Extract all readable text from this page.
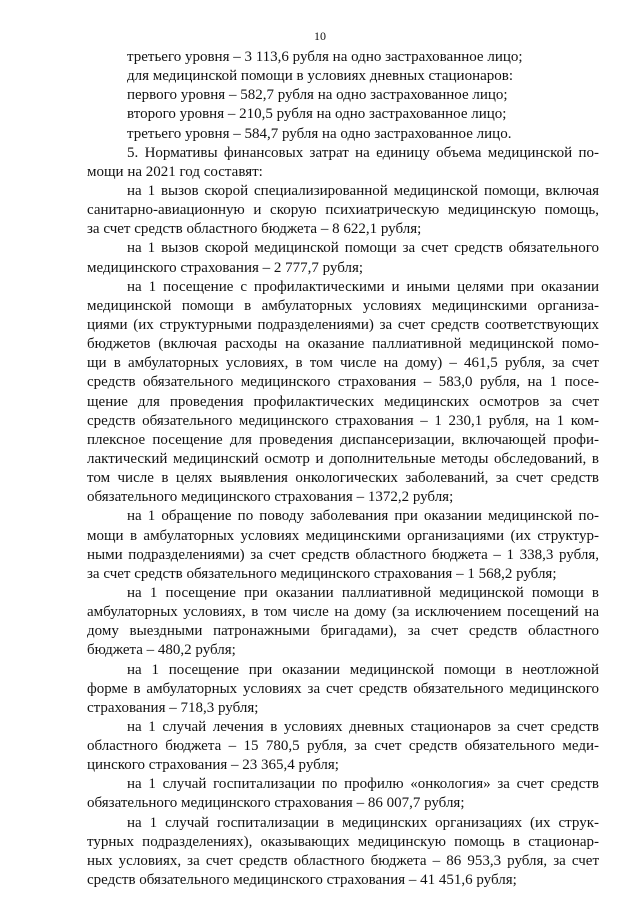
10
третьего уровня – 3 113,6 рубля на одно застрахованное лицо;
для медицинской помощи в условиях дневных стационаров:
первого уровня – 582,7 рубля на одно застрахованное лицо;
второго уровня – 210,5 рубля на одно застрахованное лицо;
третьего уровня – 584,7 рубля на одно застрахованное лицо.
5. Нормативы финансовых затрат на единицу объема медицинской по-
мощи на 2021 год составят:
на 1 вызов скорой специализированной медицинской помощи, включая
санитарно-авиационную и скорую психиатрическую медицинскую помощь,
за счет средств областного бюджета – 8 622,1 рубля;
на 1 вызов скорой медицинской помощи за счет средств обязательного
медицинского страхования – 2 777,7 рубля;
на 1 посещение с профилактическими и иными целями при оказании
медицинской помощи в амбулаторных условиях медицинскими организа-
циями (их структурными подразделениями) за счет средств соответствующих
бюджетов (включая расходы на оказание паллиативной медицинской помо-
щи в амбулаторных условиях, в том числе на дому) – 461,5 рубля, за счет
средств обязательного медицинского страхования – 583,0 рубля, на 1 посе-
щение для проведения профилактических медицинских осмотров за счет
средств обязательного медицинского страхования – 1 230,1 рубля, на 1 ком-
плексное посещение для проведения диспансеризации, включающей профи-
лактический медицинский осмотр и дополнительные методы обследований, в
том числе в целях выявления онкологических заболеваний, за счет средств
обязательного медицинского страхования – 1372,2 рубля;
на 1 обращение по поводу заболевания при оказании медицинской по-
мощи в амбулаторных условиях медицинскими организациями (их структур-
ными подразделениями) за счет средств областного бюджета – 1 338,3 рубля,
за счет средств обязательного медицинского страхования – 1 568,2 рубля;
на 1 посещение при оказании паллиативной медицинской помощи в
амбулаторных условиях, в том числе на дому (за исключением посещений на
дому выездными патронажными бригадами), за счет средств областного
бюджета – 480,2 рубля;
на 1 посещение при оказании медицинской помощи в неотложной
форме в амбулаторных условиях за счет средств обязательного медицинского
страхования – 718,3 рубля;
на 1 случай лечения в условиях дневных стационаров за счет средств
областного бюджета – 15 780,5 рубля, за счет средств обязательного меди-
цинского страхования – 23 365,4 рубля;
на 1 случай госпитализации по профилю «онкология» за счет средств
обязательного медицинского страхования – 86 007,7 рубля;
на 1 случай госпитализации в медицинских организациях (их струк-
турных подразделениях), оказывающих медицинскую помощь в стационар-
ных условиях, за счет средств областного бюджета – 86 953,3 рубля, за счет
средств обязательного медицинского страхования – 41 451,6 рубля;
